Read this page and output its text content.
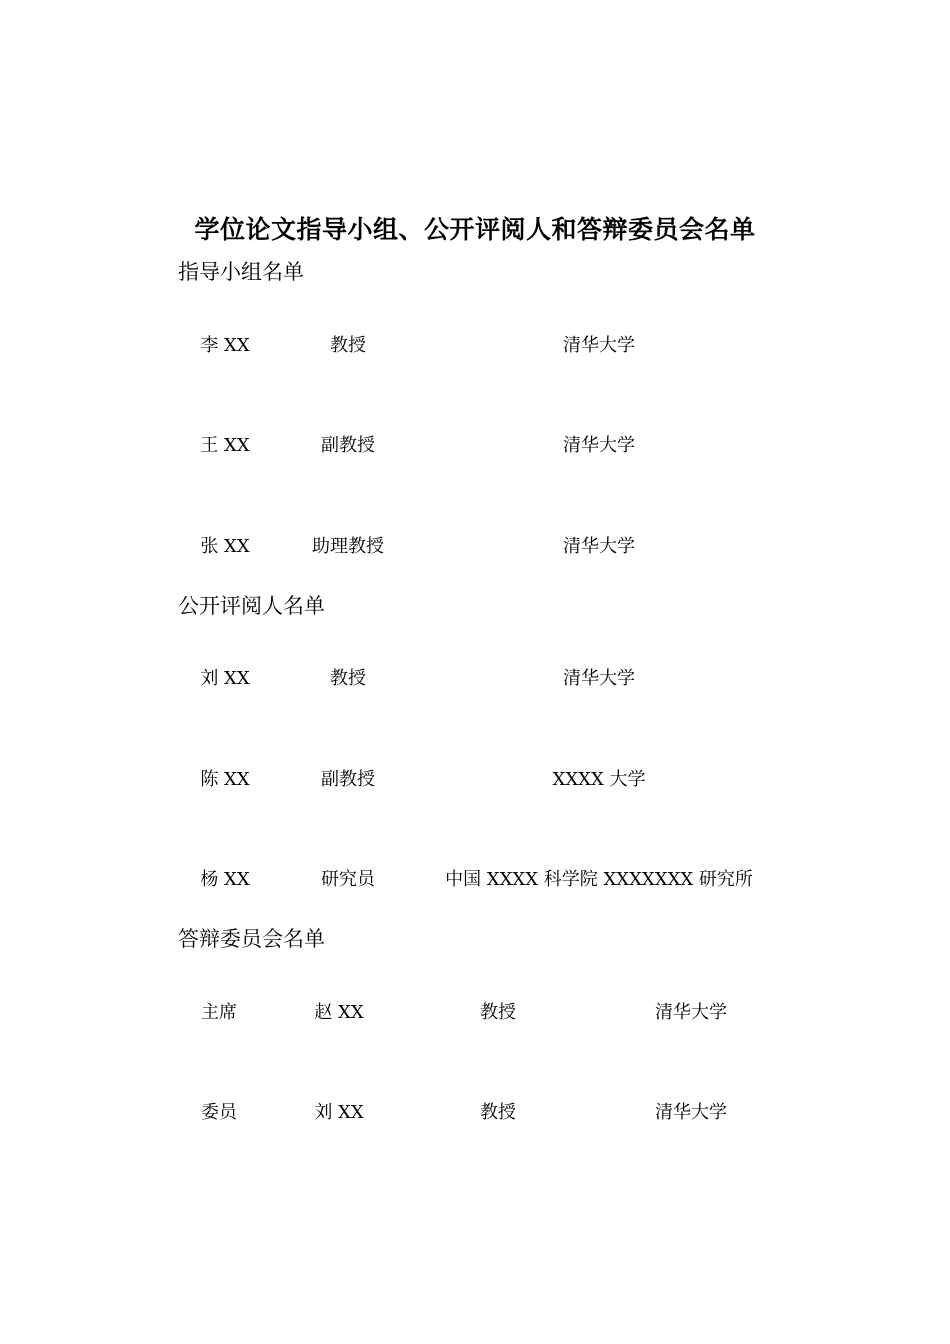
学位论文指导小组、公开评阅人和答辩委员会名单
指导小组名单
李 XX	教授	清华大学
王 XX	副教授	清华大学
张 XX	助理教授	清华大学
公开评阅人名单
刘 XX	教授	清华大学
陈 XX	副教授	XXXX 大学
杨 XX	研究员	中国 XXXX 科学院 XXXXXXX 研究所
答辩委员会名单
主席	赵 XX	教授	清华大学
委员	刘 XX	教授	清华大学
